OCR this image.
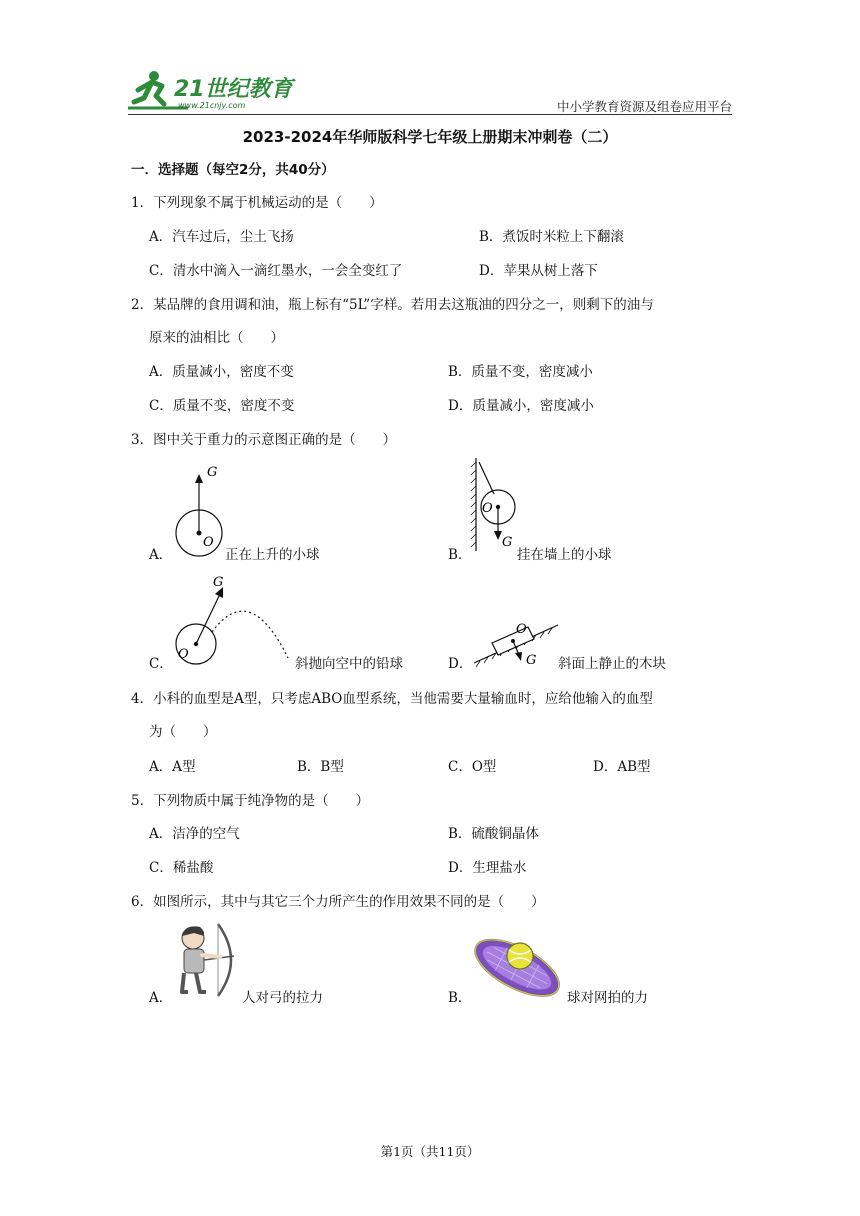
21世纪教育
www.21cnjy.com	中小学教育资源及组卷应用平台
2023-2024年华师版科学七年级上册期末冲刺卷（二）
一．选择题（每空2分，共40分）
1．下列现象不属于机械运动的是（　　）
A．汽车过后，尘土飞扬	B．煮饭时米粒上下翻滚
C．清水中滴入一滴红墨水，一会全变红了	D．苹果从树上落下
2．某品牌的食用调和油，瓶上标有“5L”字样。若用去这瓶油的四分之一，则剩下的油与
原来的油相比（　　）
A．质量减小，密度不变	B．质量不变，密度减小
C．质量不变，密度不变	D．质量减小，密度减小
3．图中关于重力的示意图正确的是（　　）
G
O
A．	正在上升的小球
O
G
B．	挂在墙上的小球
G
O
C．	斜抛向空中的铅球
O
G
D．	斜面上静止的木块
4．小科的血型是A型，只考虑ABO血型系统，当他需要大量输血时，应给他输入的血型
为（　　）
A．A型	B．B型	C．O型	D．AB型
5．下列物质中属于纯净物的是（　　）
A．洁净的空气	B．硫酸铜晶体
C．稀盐酸	D．生理盐水
6．如图所示，其中与其它三个力所产生的作用效果不同的是（　　）
A．	人对弓的拉力	B．	球对网拍的力
第1页（共11页）
